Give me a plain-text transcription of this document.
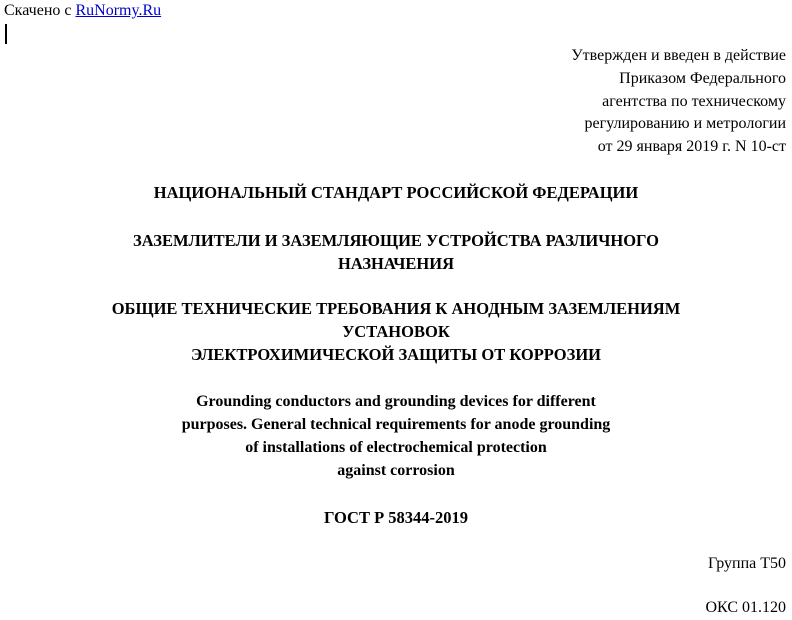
Скачено с RuNormy.Ru
Утвержден и введен в действие
Приказом Федерального
агентства по техническому
регулированию и метрологии
от 29 января 2019 г. N 10-ст
НАЦИОНАЛЬНЫЙ СТАНДАРТ РОССИЙСКОЙ ФЕДЕРАЦИИ
ЗАЗЕМЛИТЕЛИ И ЗАЗЕМЛЯЮЩИЕ УСТРОЙСТВА РАЗЛИЧНОГО
НАЗНАЧЕНИЯ
ОБЩИЕ ТЕХНИЧЕСКИЕ ТРЕБОВАНИЯ К АНОДНЫМ ЗАЗЕМЛЕНИЯМ
УСТАНОВОК
ЭЛЕКТРОХИМИЧЕСКОЙ ЗАЩИТЫ ОТ КОРРОЗИИ
Grounding conductors and grounding devices for different
purposes. General technical requirements for anode grounding
of installations of electrochemical protection
against corrosion
ГОСТ Р 58344-2019
Группа Т50
ОКС 01.120
